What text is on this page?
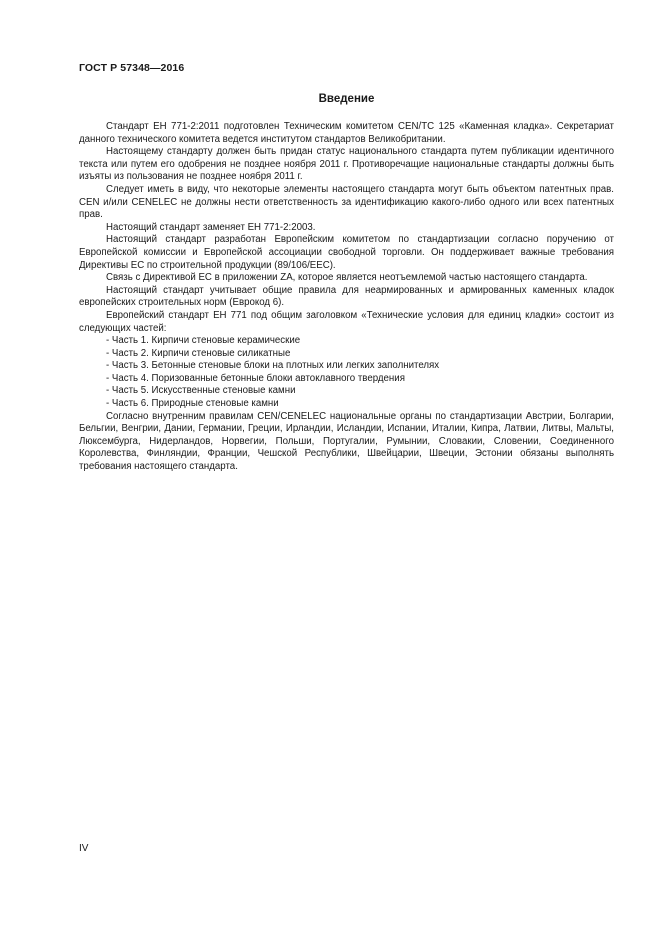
ГОСТ Р 57348—2016
Введение

Стандарт ЕН 771-2:2011 подготовлен Техническим комитетом CEN/TC 125 «Каменная кладка». Секретариат данного технического комитета ведется институтом стандартов Великобритании.

Настоящему стандарту должен быть придан статус национального стандарта путем публикации идентичного текста или путем его одобрения не позднее ноября 2011 г. Противоречащие национальные стандарты должны быть изъяты из пользования не позднее ноября 2011 г.

Следует иметь в виду, что некоторые элементы настоящего стандарта могут быть объектом патентных прав. CEN и/или CENELEC не должны нести ответственность за идентификацию какого-либо одного или всех патентных прав.

Настоящий стандарт заменяет ЕН 771-2:2003.

Настоящий стандарт разработан Европейским комитетом по стандартизации согласно поручению от Европейской комиссии и Европейской ассоциации свободной торговли. Он поддерживает важные требования Директивы ЕС по строительной продукции (89/106/ЕЕС).

Связь с Директивой ЕС в приложении ZA, которое является неотъемлемой частью настоящего стандарта.

Настоящий стандарт учитывает общие правила для неармированных и армированных каменных кладок европейских строительных норм (Еврокод 6).

Европейский стандарт ЕН 771 под общим заголовком «Технические условия для единиц кладки» состоит из следующих частей:

- Часть 1. Кирпичи стеновые керамические
- Часть 2. Кирпичи стеновые силикатные
- Часть 3. Бетонные стеновые блоки на плотных или легких заполнителях
- Часть 4. Поризованные бетонные блоки автоклавного твердения
- Часть 5. Искусственные стеновые камни
- Часть 6. Природные стеновые камни

Согласно внутренним правилам CEN/CENELEC национальные органы по стандартизации Австрии, Болгарии, Бельгии, Венгрии, Дании, Германии, Греции, Ирландии, Исландии, Испании, Италии, Кипра, Латвии, Литвы, Мальты, Люксембурга, Нидерландов, Норвегии, Польши, Португалии, Румынии, Словакии, Словении, Соединенного Королевства, Финляндии, Франции, Чешской Республики, Швейцарии, Швеции, Эстонии обязаны выполнять требования настоящего стандарта.

IV
